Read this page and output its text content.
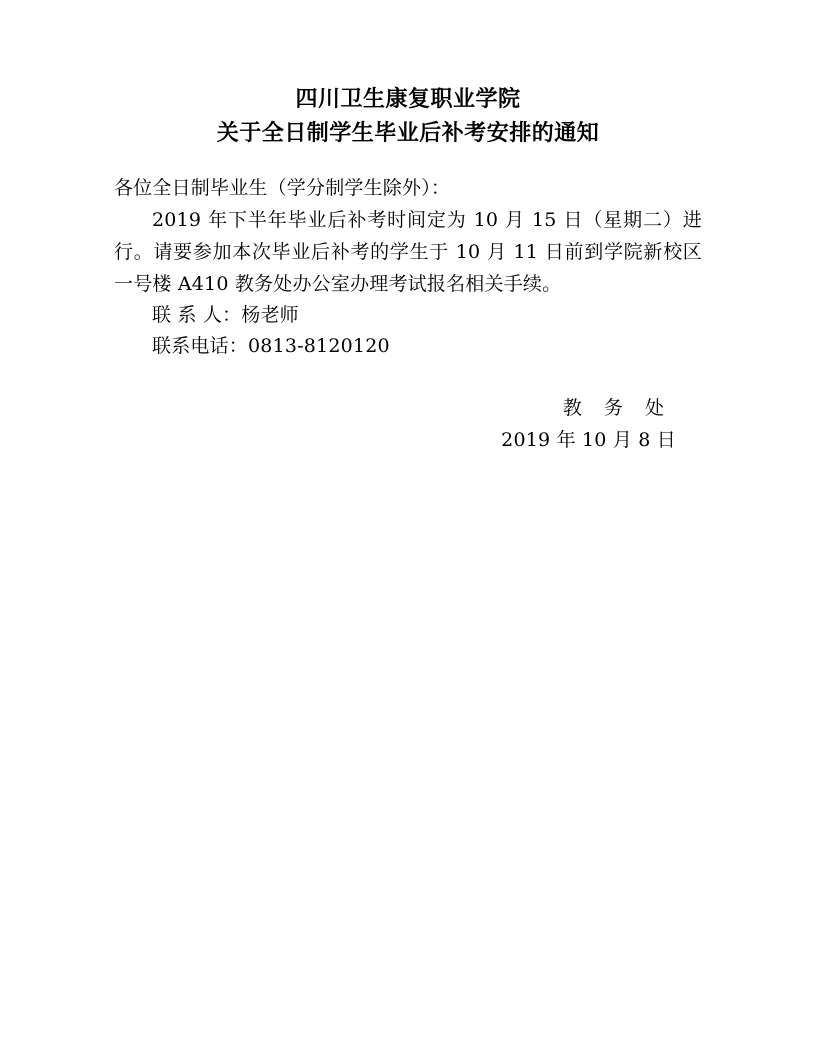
四川卫生康复职业学院
关于全日制学生毕业后补考安排的通知
各位全日制毕业生（学分制学生除外）：
2019 年下半年毕业后补考时间定为 10 月 15 日（星期二）进行。请要参加本次毕业后补考的学生于 10 月 11 日前到学院新校区一号楼 A410 教务处办公室办理考试报名相关手续。
联 系 人：杨老师
联系电话：0813-8120120
教 务 处
2019 年 10 月 8 日
